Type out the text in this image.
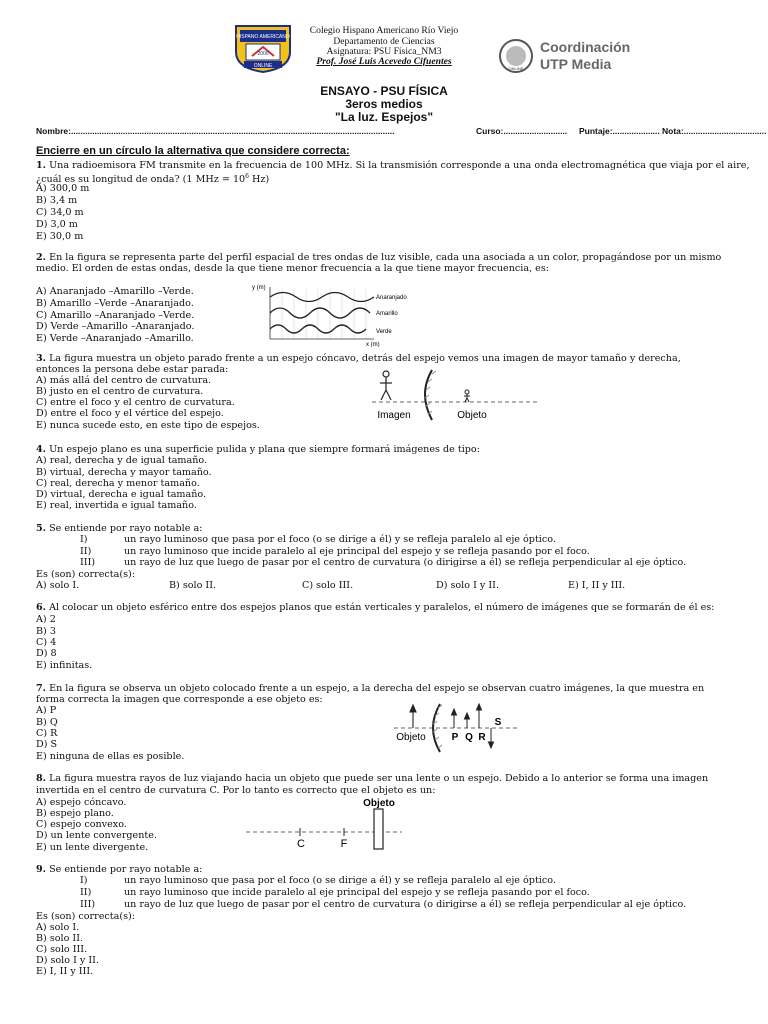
HISPANO AMERICANO
2000
ONLINE
Colegio Hispano Americano Río Viejo
Departamento de Ciencias
Asignatura: PSU Física_NM3
Prof. José Luis Acevedo Cifuentes
ONLINE
Coordinación
UTP Media
ENSAYO - PSU FÍSICA
3eros medios
"La luz. Espejos"
Nombre:.........................................................................................................................................	Curso:........................... Puntaje:.................... Nota:...................................
Encierre en un círculo la alternativa que considere correcta:
1. Una radioemisora FM transmite en la frecuencia de 100 MHz. Si la transmisión corresponde a una onda electromagnética que viaja por el aire,
¿cuál es su longitud de onda? (1 MHz = $10^6$ Hz)
A) 300,0 m
B) 3,4 m
C) 34,0 m
D) 3,0 m
E) 30,0 m
2. En la figura se representa parte del perfil espacial de tres ondas de luz visible, cada una asociada a un color, propagándose por un mismo
medio. El orden de estas ondas, desde la que tiene menor frecuencia a la que tiene mayor frecuencia, es:
A) Anaranjado –Amarillo –Verde.
B) Amarillo –Verde –Anaranjado.
C) Amarillo –Anaranjado –Verde.
D) Verde –Amarillo –Anaranjado.
E) Verde –Anaranjado –Amarillo.
y (m)
x (m)
Anaranjado
Amarillo
Verde
3. La figura muestra un objeto parado frente a un espejo cóncavo, detrás del espejo vemos una imagen de mayor tamaño y derecha,
entonces la persona debe estar parada:
A) más allá del centro de curvatura.
B) justo en el centro de curvatura.
C) entre el foco y el centro de curvatura.
D) entre el foco y el vértice del espejo.
E) nunca sucede esto, en este tipo de espejos.
Imagen	Objeto
4. Un espejo plano es una superficie pulida y plana que siempre formará imágenes de tipo:
A) real, derecha y de igual tamaño.
B) virtual, derecha y mayor tamaño.
C) real, derecha y menor tamaño.
D) virtual, derecha e igual tamaño.
E) real, invertida e igual tamaño.
5. Se entiende por rayo notable a:
I)	un rayo luminoso que pasa por el foco (o se dirige a él) y se refleja paralelo al eje óptico.
II)	un rayo luminoso que incide paralelo al eje principal del espejo y se refleja pasando por el foco.
III)	un rayo de luz que luego de pasar por el centro de curvatura (o dirigirse a él) se refleja perpendicular al eje óptico.
Es (son) correcta(s):
A) solo I.	B) solo II.	C) solo III.	D) solo I y II.	E) I, II y III.
6. Al colocar un objeto esférico entre dos espejos planos que están verticales y paralelos, el número de imágenes que se formarán de él es:
A) 2
B) 3
C) 4
D) 8
E) infinitas.
7. En la figura se observa un objeto colocado frente a un espejo, a la derecha del espejo se observan cuatro imágenes, la que muestra en
forma correcta la imagen que corresponde a ese objeto es:
A) P
B) Q
C) R
D) S
E) ninguna de ellas es posible.
Objeto	P Q R
S
8. La figura muestra rayos de luz viajando hacia un objeto que puede ser una lente o un espejo. Debido a lo anterior se forma una imagen
invertida en el centro de curvatura C. Por lo tanto es correcto que el objeto es un:
A) espejo cóncavo.
B) espejo plano.
C) espejo convexo.
D) un lente convergente.
E) un lente divergente.
Objeto
C	F
9. Se entiende por rayo notable a:
I)	un rayo luminoso que pasa por el foco (o se dirige a él) y se refleja paralelo al eje óptico.
II)	un rayo luminoso que incide paralelo al eje principal del espejo y se refleja pasando por el foco.
III)	un rayo de luz que luego de pasar por el centro de curvatura (o dirigirse a él) se refleja perpendicular al eje óptico.
Es (son) correcta(s):
A) solo I.
B) solo II.
C) solo III.
D) solo I y II.
E) I, II y III.
